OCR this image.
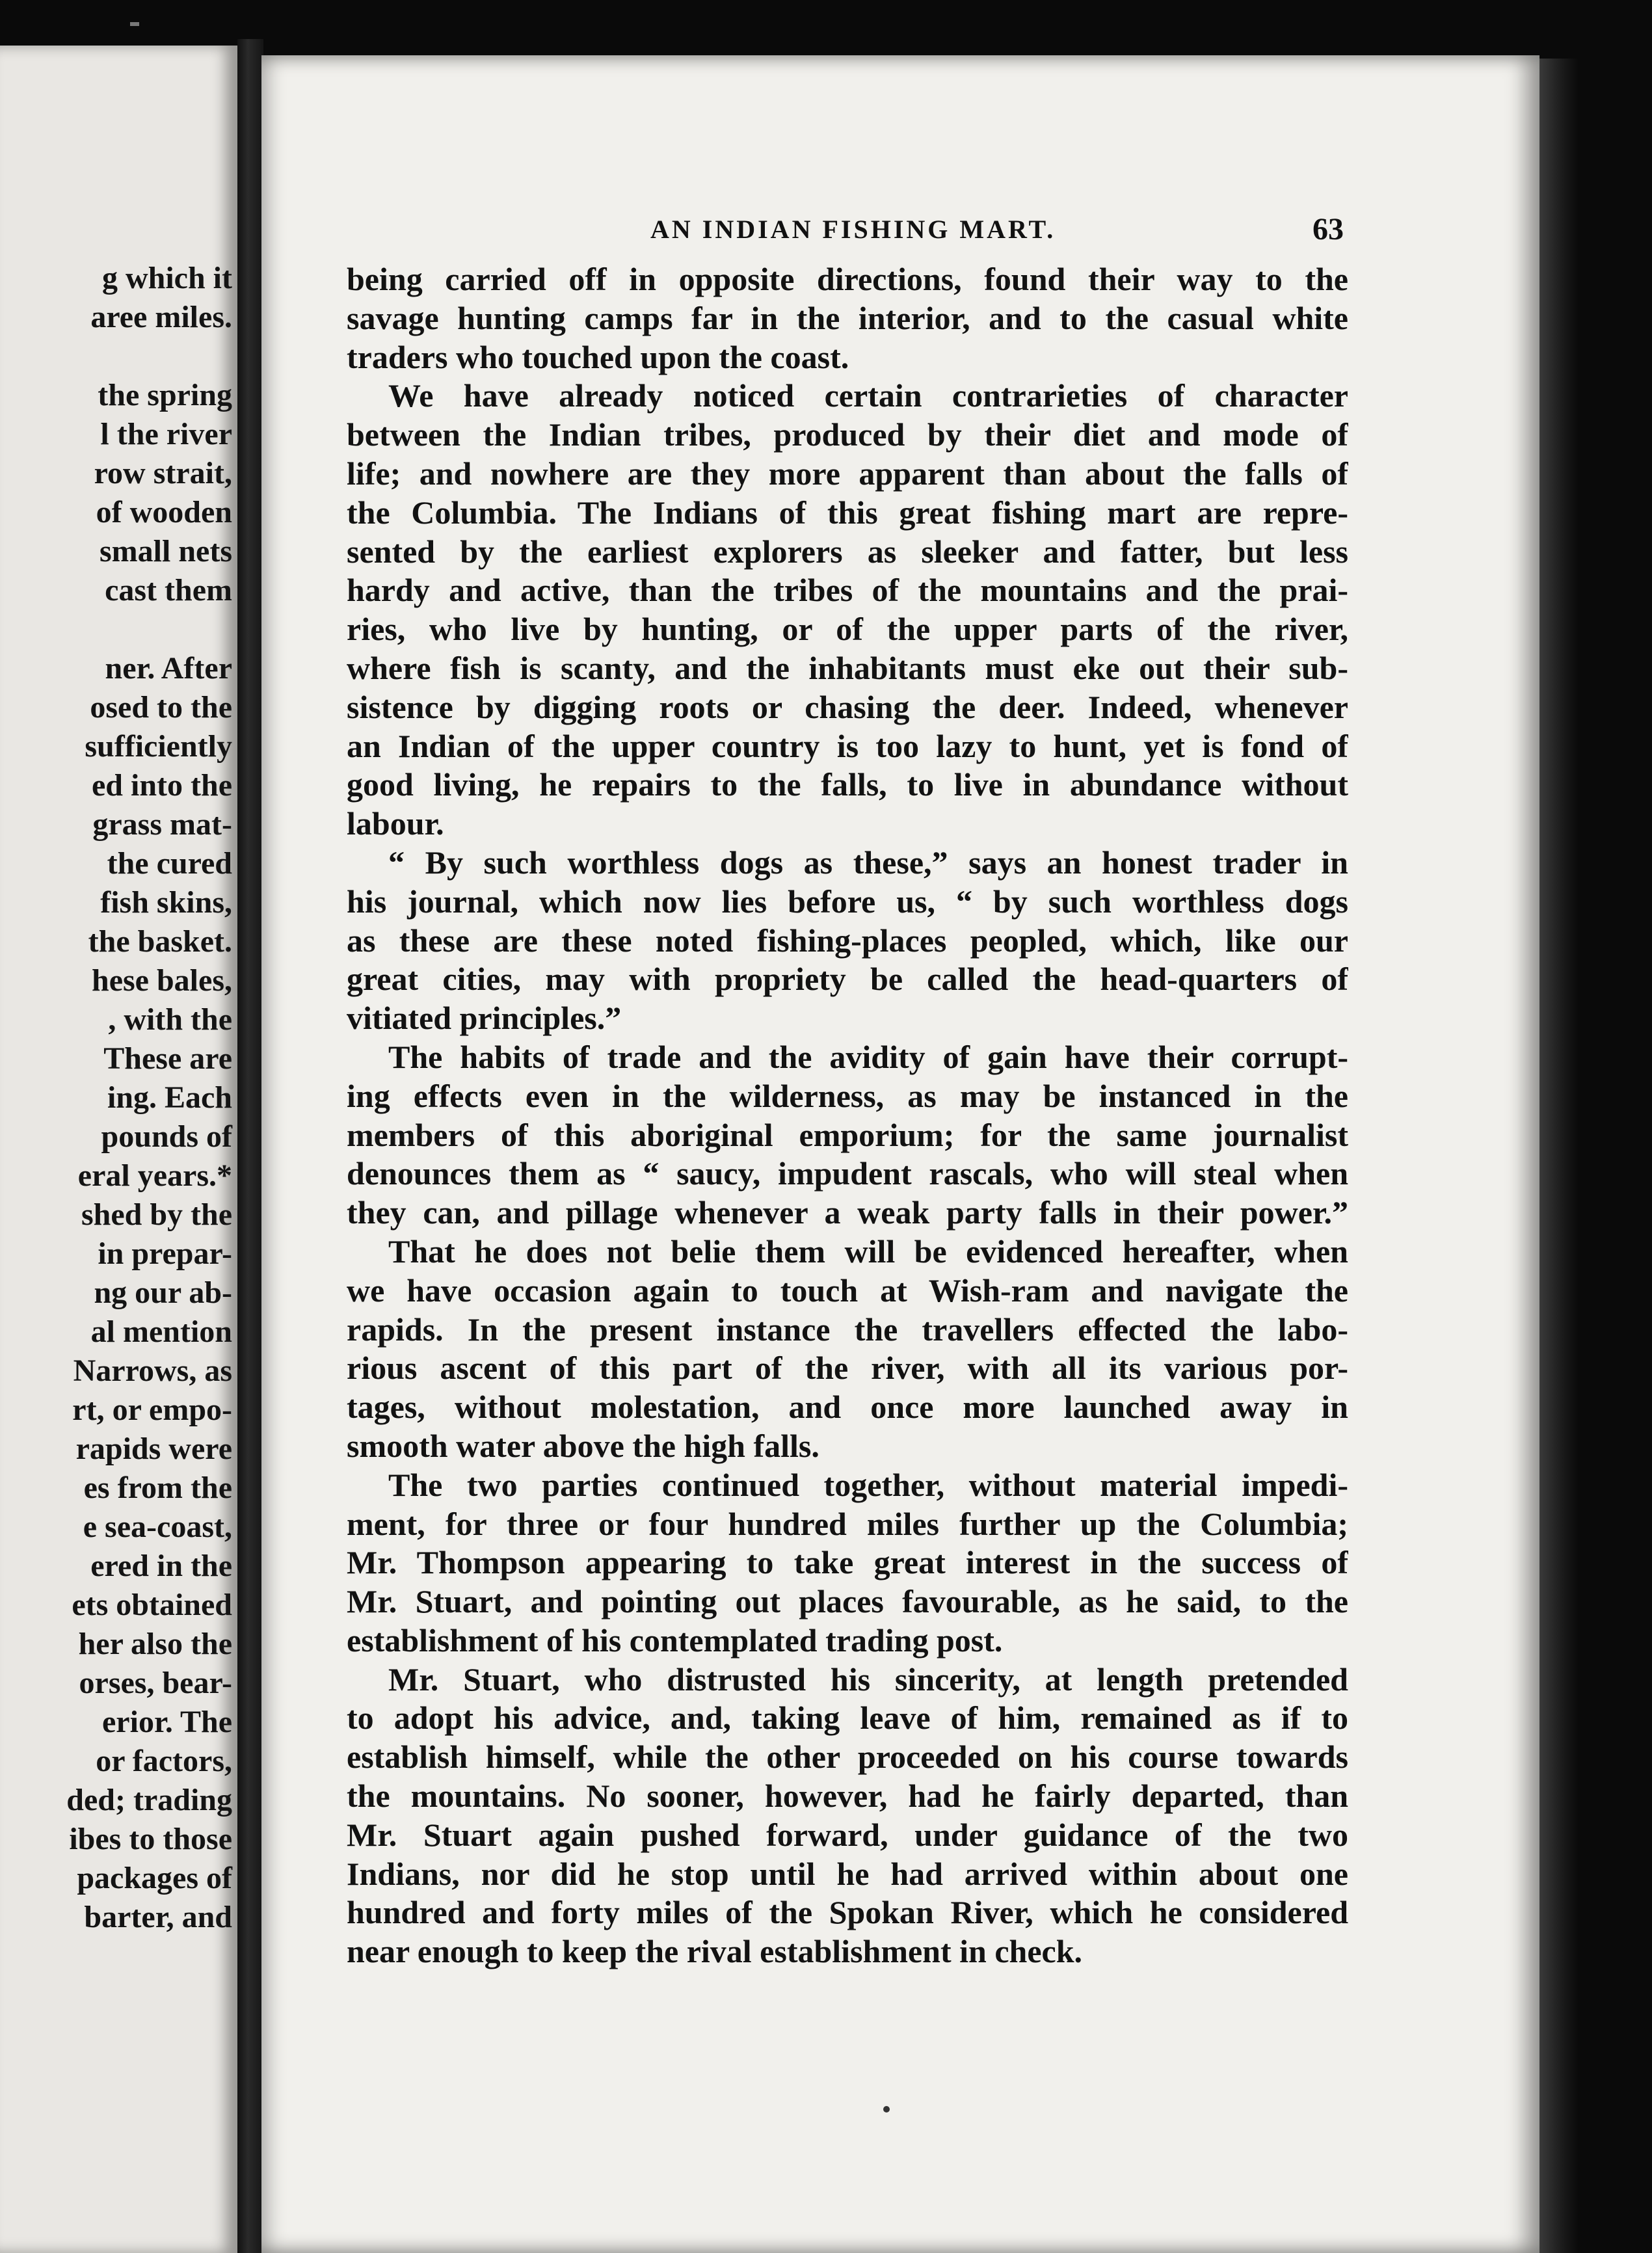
g which it
aree miles.
the spring
l the river
row strait,
of wooden
small nets
cast them
ner. After
osed to the
sufficiently
ed into the
grass mat-
the cured
fish skins,
the basket.
hese bales,
, with the
These are
ing. Each
pounds of
eral years.*
shed by the
in prepar-
ng our ab-
al mention
Narrows, as
rt, or empo-
rapids were
es from the
e sea-coast,
ered in the
ets obtained
her also the
orses, bear-
erior. The
or factors,
ded; trading
ibes to those
packages of
barter, and
AN INDIAN FISHING MART.	63
being carried off in opposite directions, found their way to the
savage hunting camps far in the interior, and to the casual white
traders who touched upon the coast.
We have already noticed certain contrarieties of character
between the Indian tribes, produced by their diet and mode of
life; and nowhere are they more apparent than about the falls of
the Columbia. The Indians of this great fishing mart are repre-
sented by the earliest explorers as sleeker and fatter, but less
hardy and active, than the tribes of the mountains and the prai-
ries, who live by hunting, or of the upper parts of the river,
where fish is scanty, and the inhabitants must eke out their sub-
sistence by digging roots or chasing the deer. Indeed, whenever
an Indian of the upper country is too lazy to hunt, yet is fond of
good living, he repairs to the falls, to live in abundance without
labour.
“ By such worthless dogs as these,” says an honest trader in
his journal, which now lies before us, “ by such worthless dogs
as these are these noted fishing-places peopled, which, like our
great cities, may with propriety be called the head-quarters of
vitiated principles.”
The habits of trade and the avidity of gain have their corrupt-
ing effects even in the wilderness, as may be instanced in the
members of this aboriginal emporium; for the same journalist
denounces them as “ saucy, impudent rascals, who will steal when
they can, and pillage whenever a weak party falls in their power.”
That he does not belie them will be evidenced hereafter, when
we have occasion again to touch at Wish-ram and navigate the
rapids. In the present instance the travellers effected the labo-
rious ascent of this part of the river, with all its various por-
tages, without molestation, and once more launched away in
smooth water above the high falls.
The two parties continued together, without material impedi-
ment, for three or four hundred miles further up the Columbia;
Mr. Thompson appearing to take great interest in the success of
Mr. Stuart, and pointing out places favourable, as he said, to the
establishment of his contemplated trading post.
Mr. Stuart, who distrusted his sincerity, at length pretended
to adopt his advice, and, taking leave of him, remained as if to
establish himself, while the other proceeded on his course towards
the mountains. No sooner, however, had he fairly departed, than
Mr. Stuart again pushed forward, under guidance of the two
Indians, nor did he stop until he had arrived within about one
hundred and forty miles of the Spokan River, which he considered
near enough to keep the rival establishment in check.
